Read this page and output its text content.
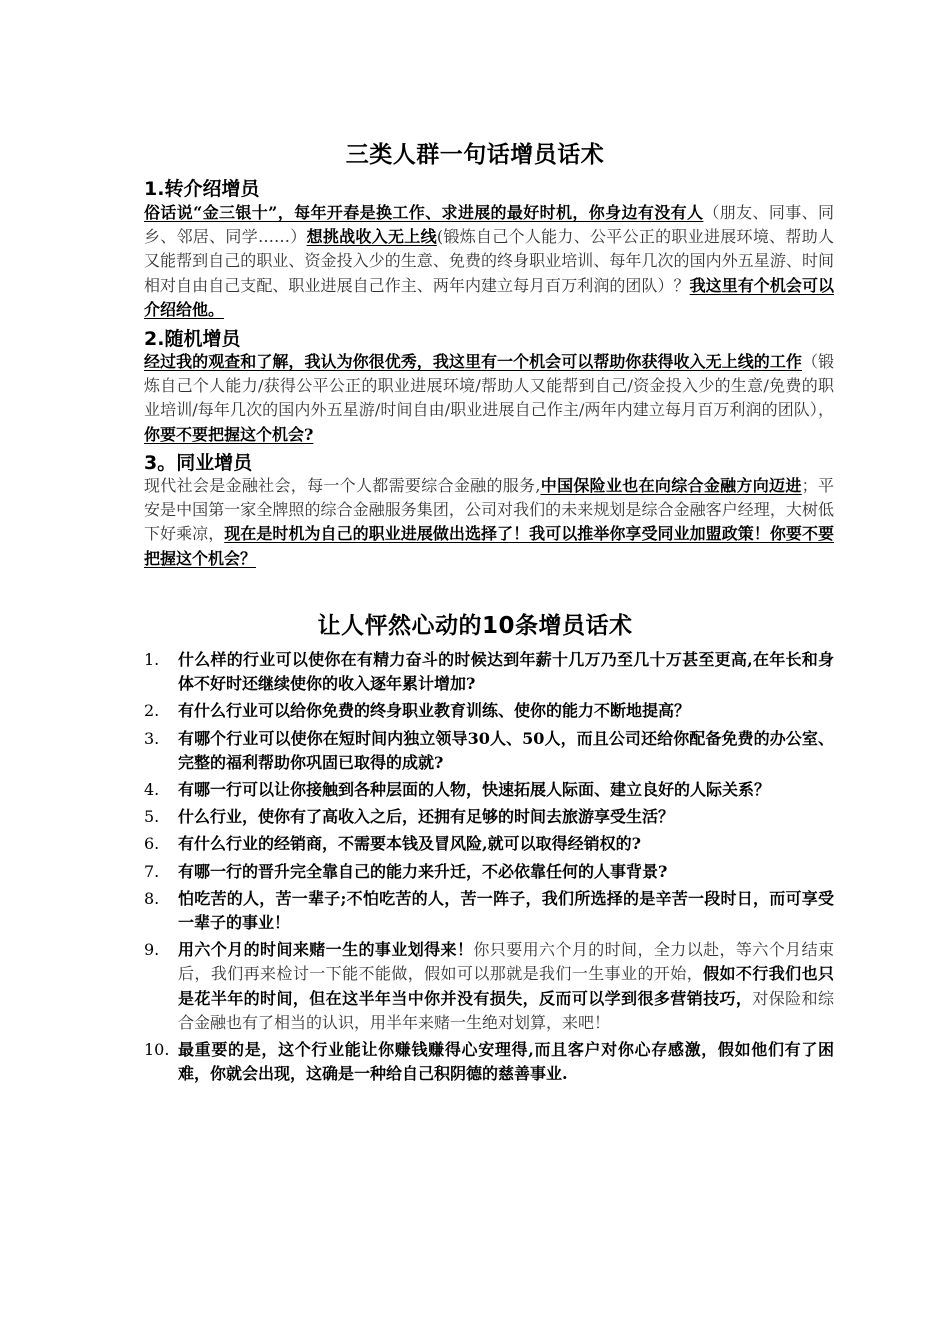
三类人群一句话增员话术
1.转介绍增员
俗话说“金三银十”，每年开春是换工作、求进展的最好时机，你身边有没有人（朋友、同事、同乡、邻居、同学……）想挑战收入无上线(锻炼自己个人能力、公平公正的职业进展环境、帮助人又能帮到自己的职业、资金投入少的生意、免费的终身职业培训、每年几次的国内外五星游、时间相对自由自己支配、职业进展自己作主、两年内建立每月百万利润的团队）？我这里有个机会可以介绍给他。
2.随机增员
经过我的观查和了解，我认为你很优秀，我这里有一个机会可以帮助你获得收入无上线的工作（锻炼自己个人能力/获得公平公正的职业进展环境/帮助人又能帮到自己/资金投入少的生意/免费的职业培训/每年几次的国内外五星游/时间自由/职业进展自己作主/两年内建立每月百万利润的团队），你要不要把握这个机会?
3。同业增员
现代社会是金融社会，每一个人都需要综合金融的服务,中国保险业也在向综合金融方向迈进；平安是中国第一家全牌照的综合金融服务集团，公司对我们的未来规划是综合金融客户经理，大树低下好乘凉，现在是时机为自己的职业进展做出选择了！我可以推举你享受同业加盟政策！你要不要把握这个机会？
让人怦然心动的10条增员话术
1. 什么样的行业可以使你在有精力奋斗的时候达到年薪十几万乃至几十万甚至更高,在年长和身体不好时还继续使你的收入逐年累计增加?
2. 有什么行业可以给你免费的终身职业教育训练、使你的能力不断地提高？
3. 有哪个行业可以使你在短时间内独立领导30人、50人，而且公司还给你配备免费的办公室、完整的福利帮助你巩固已取得的成就?
4. 有哪一行可以让你接触到各种层面的人物，快速拓展人际面、建立良好的人际关系？
5. 什么行业，使你有了高收入之后，还拥有足够的时间去旅游享受生活？
6. 有什么行业的经销商，不需要本钱及冒风险,就可以取得经销权的?
7. 有哪一行的晋升完全靠自己的能力来升迁，不必依靠任何的人事背景?
8. 怕吃苦的人，苦一辈子;不怕吃苦的人，苦一阵子，我们所选择的是辛苦一段时日，而可享受一辈子的事业！
9. 用六个月的时间来赌一生的事业划得来！你只要用六个月的时间，全力以赴，等六个月结束后，我们再来检讨一下能不能做，假如可以那就是我们一生事业的开始，假如不行我们也只是花半年的时间，但在这半年当中你并没有损失，反而可以学到很多营销技巧，对保险和综合金融也有了相当的认识，用半年来赌一生绝对划算，来吧！
10. 最重要的是，这个行业能让你赚钱赚得心安理得,而且客户对你心存感激，假如他们有了困难，你就会出现，这确是一种给自己积阴德的慈善事业.
